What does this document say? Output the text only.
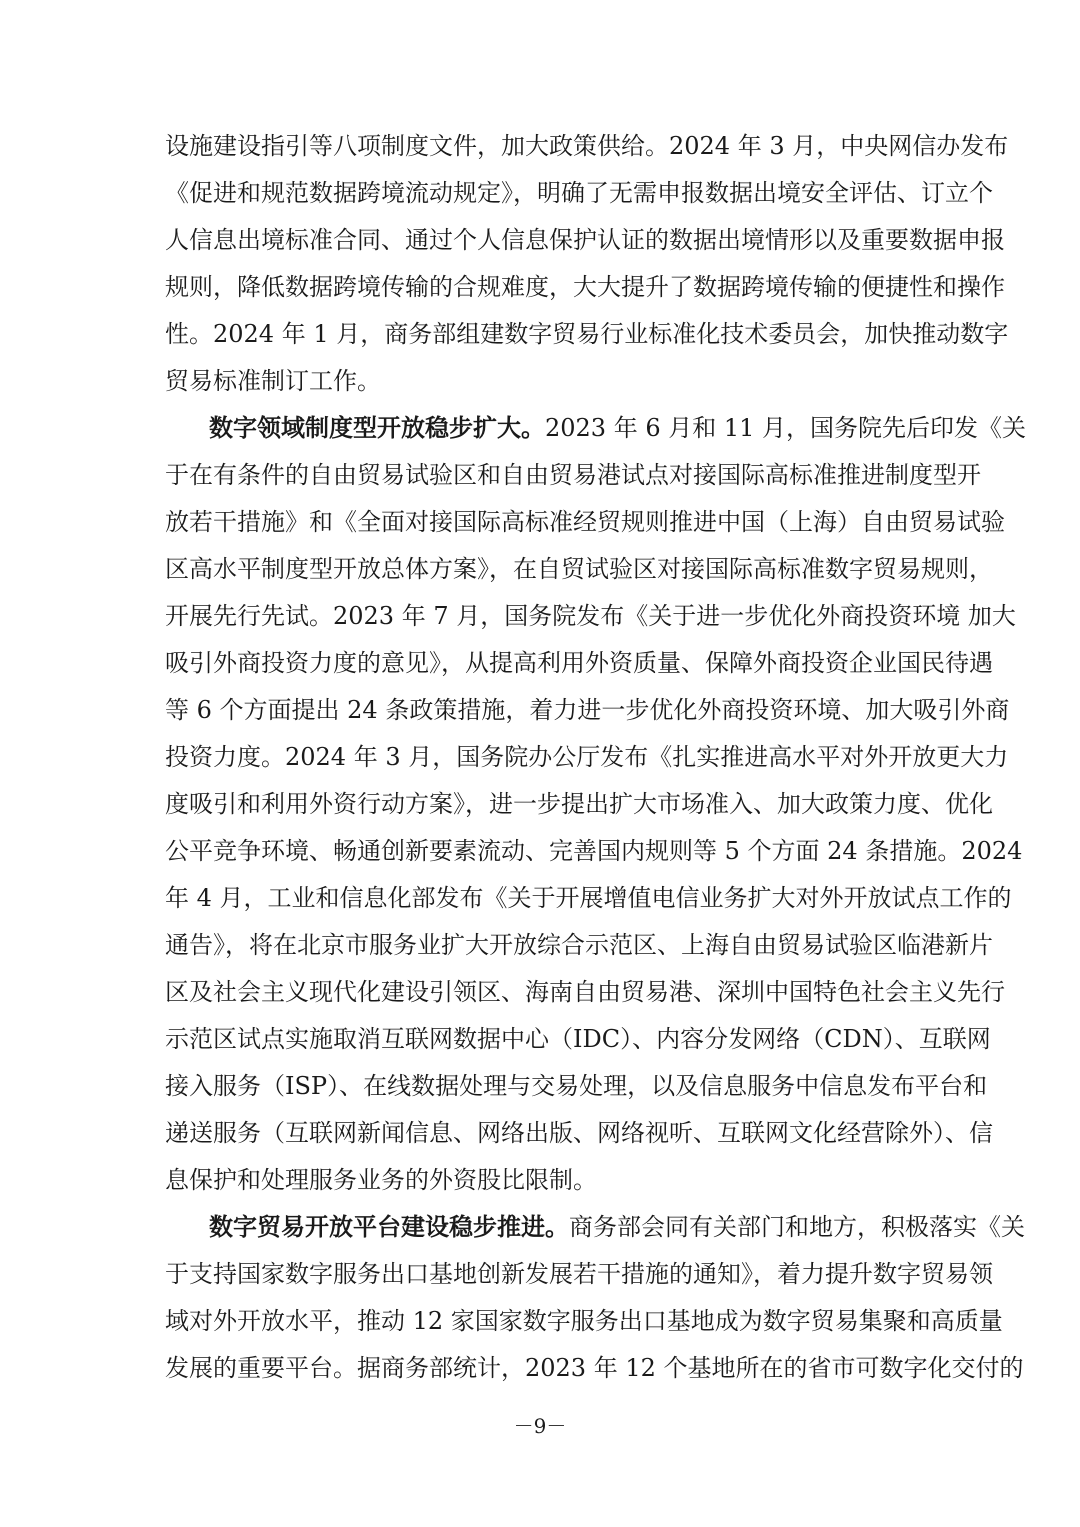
设施建设指引等八项制度文件，加大政策供给。2024 年 3 月，中央网信办发布
《促进和规范数据跨境流动规定》，明确了无需申报数据出境安全评估、订立个
人信息出境标准合同、通过个人信息保护认证的数据出境情形以及重要数据申报
规则，降低数据跨境传输的合规难度，大大提升了数据跨境传输的便捷性和操作
性。2024 年 1 月，商务部组建数字贸易行业标准化技术委员会，加快推动数字
贸易标准制订工作。
数字领域制度型开放稳步扩大。2023 年 6 月和 11 月，国务院先后印发《关
于在有条件的自由贸易试验区和自由贸易港试点对接国际高标准推进制度型开
放若干措施》和《全面对接国际高标准经贸规则推进中国（上海）自由贸易试验
区高水平制度型开放总体方案》，在自贸试验区对接国际高标准数字贸易规则，
开展先行先试。2023 年 7 月，国务院发布《关于进一步优化外商投资环境 加大
吸引外商投资力度的意见》，从提高利用外资质量、保障外商投资企业国民待遇
等 6 个方面提出 24 条政策措施，着力进一步优化外商投资环境、加大吸引外商
投资力度。2024 年 3 月，国务院办公厅发布《扎实推进高水平对外开放更大力
度吸引和利用外资行动方案》，进一步提出扩大市场准入、加大政策力度、优化
公平竞争环境、畅通创新要素流动、完善国内规则等 5 个方面 24 条措施。2024
年 4 月，工业和信息化部发布《关于开展增值电信业务扩大对外开放试点工作的
通告》，将在北京市服务业扩大开放综合示范区、上海自由贸易试验区临港新片
区及社会主义现代化建设引领区、海南自由贸易港、深圳中国特色社会主义先行
示范区试点实施取消互联网数据中心（IDC）、内容分发网络（CDN）、互联网
接入服务（ISP）、在线数据处理与交易处理，以及信息服务中信息发布平台和
递送服务（互联网新闻信息、网络出版、网络视听、互联网文化经营除外）、信
息保护和处理服务业务的外资股比限制。
数字贸易开放平台建设稳步推进。商务部会同有关部门和地方，积极落实《关
于支持国家数字服务出口基地创新发展若干措施的通知》，着力提升数字贸易领
域对外开放水平，推动 12 家国家数字服务出口基地成为数字贸易集聚和高质量
发展的重要平台。据商务部统计，2023 年 12 个基地所在的省市可数字化交付的
－9－
